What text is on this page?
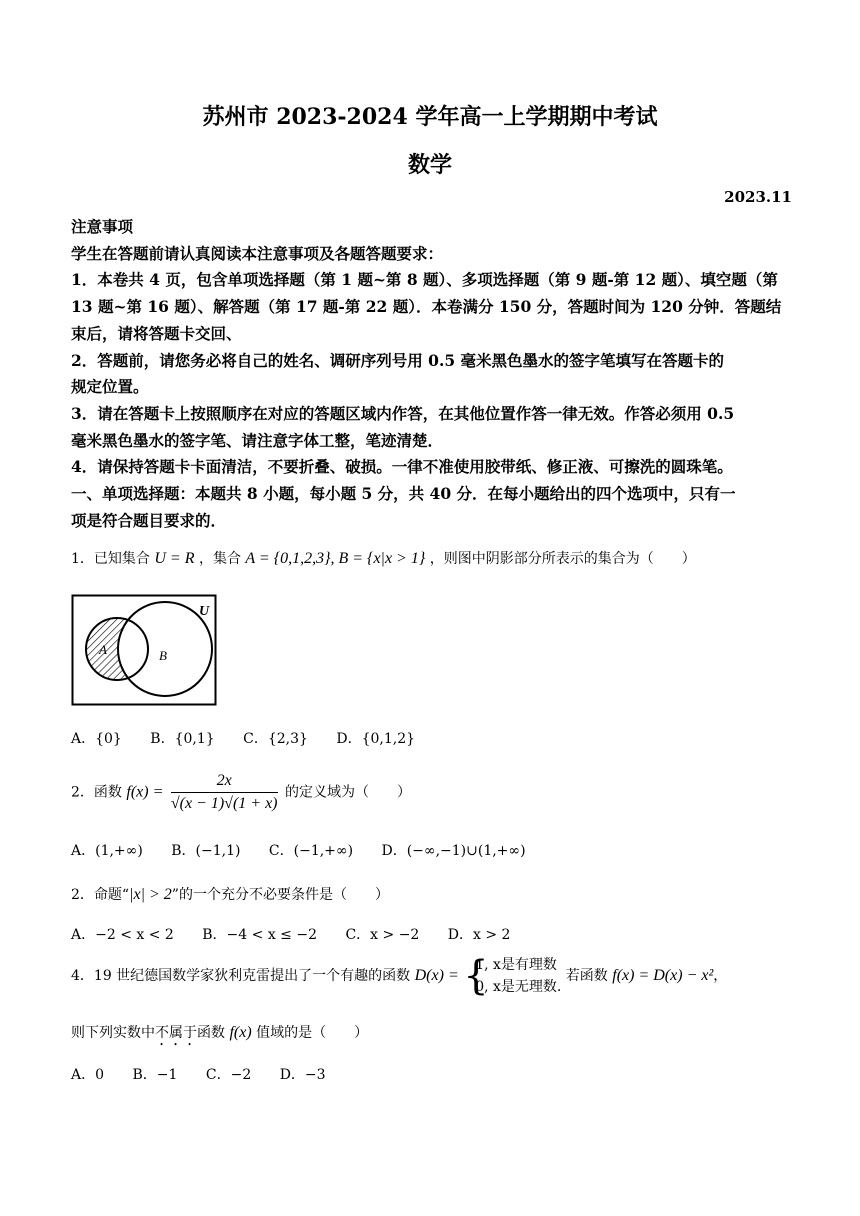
苏州市 2023-2024 学年高一上学期期中考试
数学
2023.11
注意事项
学生在答题前请认真阅读本注意事项及各题答题要求：
1．本卷共 4 页，包含单项选择题（第 1 题~第 8 题）、多项选择题（第 9 题-第 12 题）、填空题（第
13 题~第 16 题）、解答题（第 17 题-第 22 题）．本卷满分 150 分，答题时间为 120 分钟．答题结
束后，请将答题卡交回、
2．答题前，请您务必将自己的姓名、调研序列号用 0.5 毫米黑色墨水的签字笔填写在答题卡的
规定位置。
3．请在答题卡上按照顺序在对应的答题区域内作答，在其他位置作答一律无效。作答必须用 0.5
毫米黑色墨水的签字笔、请注意字体工整，笔迹清楚．
4．请保持答题卡卡面清洁，不要折叠、破损。一律不准使用胶带纸、修正液、可擦洗的圆珠笔。
一、单项选择题：本题共 8 小题，每小题 5 分，共 40 分．在每小题给出的四个选项中，只有一
项是符合题目要求的．
1．已知集合 U = R ，集合 A = {0,1,2,3}, B = {x|x > 1} ，则图中阴影部分所表示的集合为（　　）
U
A	B
A．{0} B．{0,1} C．{2,3} D．{0,1,2}
2．函数 $f(x) = \frac{2x}{√(x - 1)√(1 + x)}$ 的定义域为（　　）
A．(1,+∞) B．(−1,1) C．(−1,+∞) D．(−∞,−1)∪(1,+∞)
2．命题“|x| > 2”的一个充分不必要条件是（　　）
A．−2 < x < 2 B．−4 < x ≤ −2 C．x > −2 D．x > 2
4．19 世纪德国数学家狄利克雷提出了一个有趣的函数 D(x) = {
1, x是有理数
0, x是无理数.
若函数 f(x) = D(x) − x²，
则下列实数中不属于函数 f(x) 值域的是（　　）
A．0 B．−1 C．−2 D．−3
